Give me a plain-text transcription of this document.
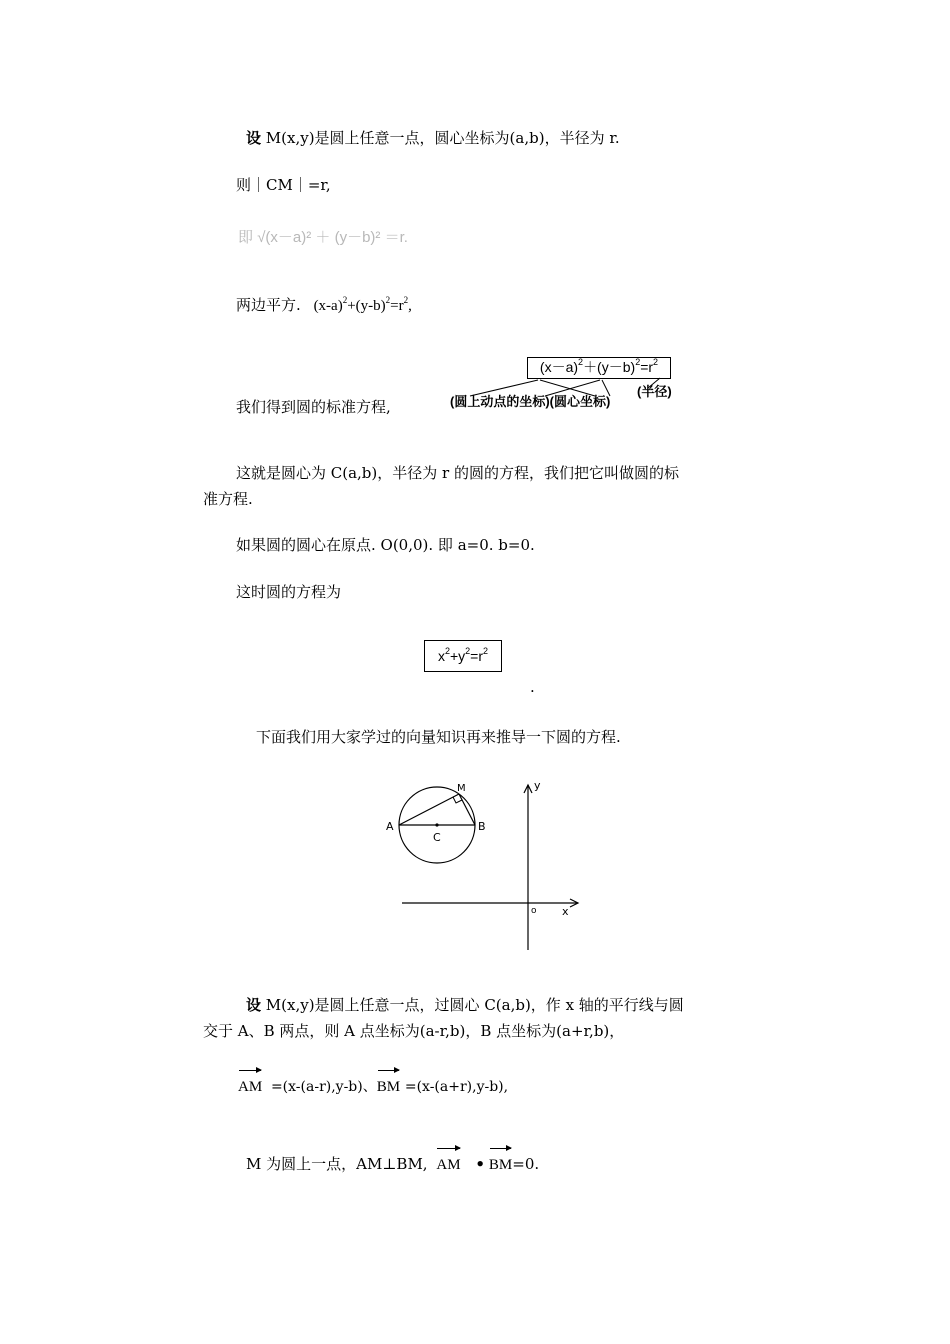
设 M(x,y)是圆上任意一点，圆心坐标为(a,b)，半径为 r.
则｜CM｜=r,
即 √(x－a)² ＋ (y－b)² ＝r.
两边平方. $(x-a)^2+(y-b)^2=r^2$,
我们得到圆的标准方程,
$(x-a)^2+(y-b)^2=r^2$
(圆上动点的坐标)(圆心坐标)
(半径)
这就是圆心为 C(a,b)，半径为 r 的圆的方程，我们把它叫做圆的标
准方程.
如果圆的圆心在原点. O(0,0). 即 a=0. b=0.
这时圆的方程为
$x^2+y^2=r^2$
.
下面我们用大家学过的向量知识再来推导一下圆的方程.
A	B
C
M	y
x
o
设 M(x,y)是圆上任意一点，过圆心 C(a,b)，作 x 轴的平行线与圆
交于 A、B 两点，则 A 点坐标为(a-r,b)，B 点坐标为(a+r,b)，
AM =(x-(a-r),y-b)、BM =(x-(a+r),y-b),
M 为圆上一点，AM⊥BM, AM • BM=0.
